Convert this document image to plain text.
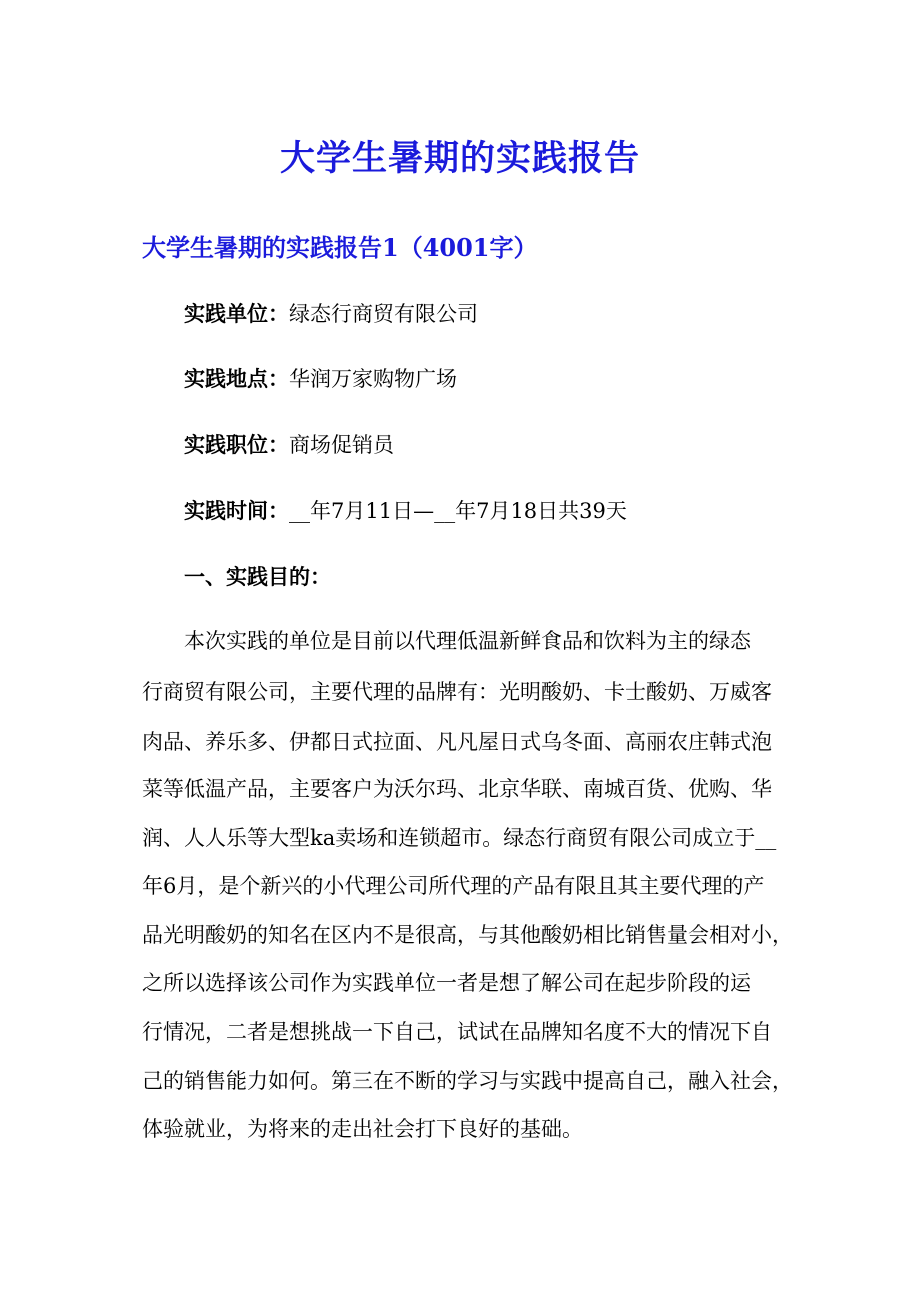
大学生暑期的实践报告
大学生暑期的实践报告1（4001字）
实践单位：绿态行商贸有限公司
实践地点：华润万家购物广场
实践职位：商场促销员
实践时间：__年7月11日—__年7月18日共39天
一、实践目的：
本次实践的单位是目前以代理低温新鲜食品和饮料为主的绿态
行商贸有限公司，主要代理的品牌有：光明酸奶、卡士酸奶、万威客
肉品、养乐多、伊都日式拉面、凡凡屋日式乌冬面、高丽农庄韩式泡
菜等低温产品，主要客户为沃尔玛、北京华联、南城百货、优购、华
润、人人乐等大型ka卖场和连锁超市。绿态行商贸有限公司成立于__
年6月，是个新兴的小代理公司所代理的产品有限且其主要代理的产
品光明酸奶的知名在区内不是很高，与其他酸奶相比销售量会相对小，
之所以选择该公司作为实践单位一者是想了解公司在起步阶段的运
行情况，二者是想挑战一下自己，试试在品牌知名度不大的情况下自
己的销售能力如何。第三在不断的学习与实践中提高自己，融入社会，
体验就业，为将来的走出社会打下良好的基础。
